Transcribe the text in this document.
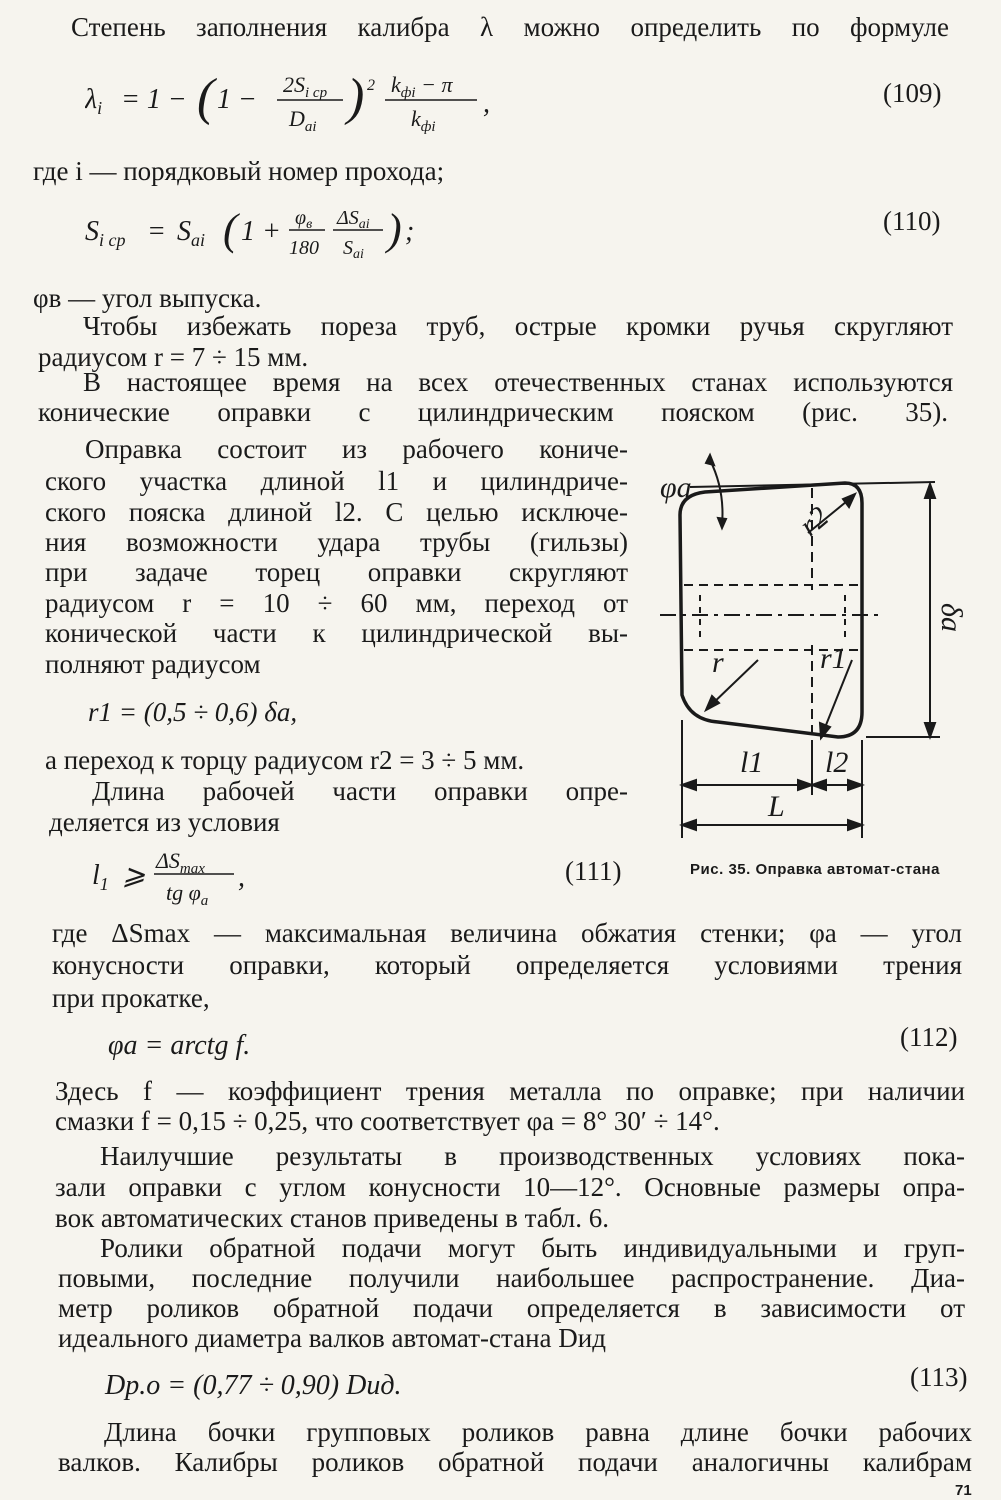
Степень заполнения калибра λ можно определить по формуле
$\lambda_i = 1$ − ( $1 - 2S_{i ср}$
$D_{ai}$
) 2 $k_{фi} - \pi$
$k_{фi}$
,	(109)
где i — порядковый номер прохода;
$S_{i ср} = S_{ai}$ ( $1 + \varphi_в$
180
$\Delta S_{ai}$
$S_{ai}$
) ;	(110)
φв — угол выпуска.
Чтобы избежать пореза труб, острые кромки ручья скругляют
радиусом r = 7 ÷ 15 мм.
В настоящее время на всех отечественных станах используются
конические оправки с цилиндрическим пояском (рис. 35).
Оправка состоит из рабочего кониче-
ского участка длиной l1 и цилиндриче-
ского пояска длиной l2. С целью исключе-
ния возможности удара трубы (гильзы)
при задаче торец оправки скругляют
радиусом r = 10 ÷ 60 мм, переход от
конической части к цилиндрической вы-
полняют радиусом
r1 = (0,5 ÷ 0,6) δа,
а переход к торцу радиусом r2 = 3 ÷ 5 мм.
Длина рабочей части оправки опре-
деляется из условия
$l_1$ ⩾ $\Delta S_{max}$
tg $\varphi_a$
,	(111)
φa
r2
r	r1
δa
l1 l2
L
Рис. 35. Оправка автомат-стана
где ΔSmax — максимальная величина обжатия стенки; φа — угол
конусности оправки, который определяется условиями трения
при прокатке,
φа = arctg f.	(112)
Здесь f — коэффициент трения металла по оправке; при наличии
смазки f = 0,15 ÷ 0,25, что соответствует φа = 8° 30′ ÷ 14°.
Наилучшие результаты в производственных условиях пока-
зали оправки с углом конусности 10—12°. Основные размеры опра-
вок автоматических станов приведены в табл. 6.
Ролики обратной подачи могут быть индивидуальными и груп-
повыми, последние получили наибольшее распространение. Диа-
метр роликов обратной подачи определяется в зависимости от
идеального диаметра валков автомат-стана Dид
Dр.о = (0,77 ÷ 0,90) Dид.	(113)
Длина бочки групповых роликов равна длине бочки рабочих
валков. Калибры роликов обратной подачи аналогичны калибрам
71
